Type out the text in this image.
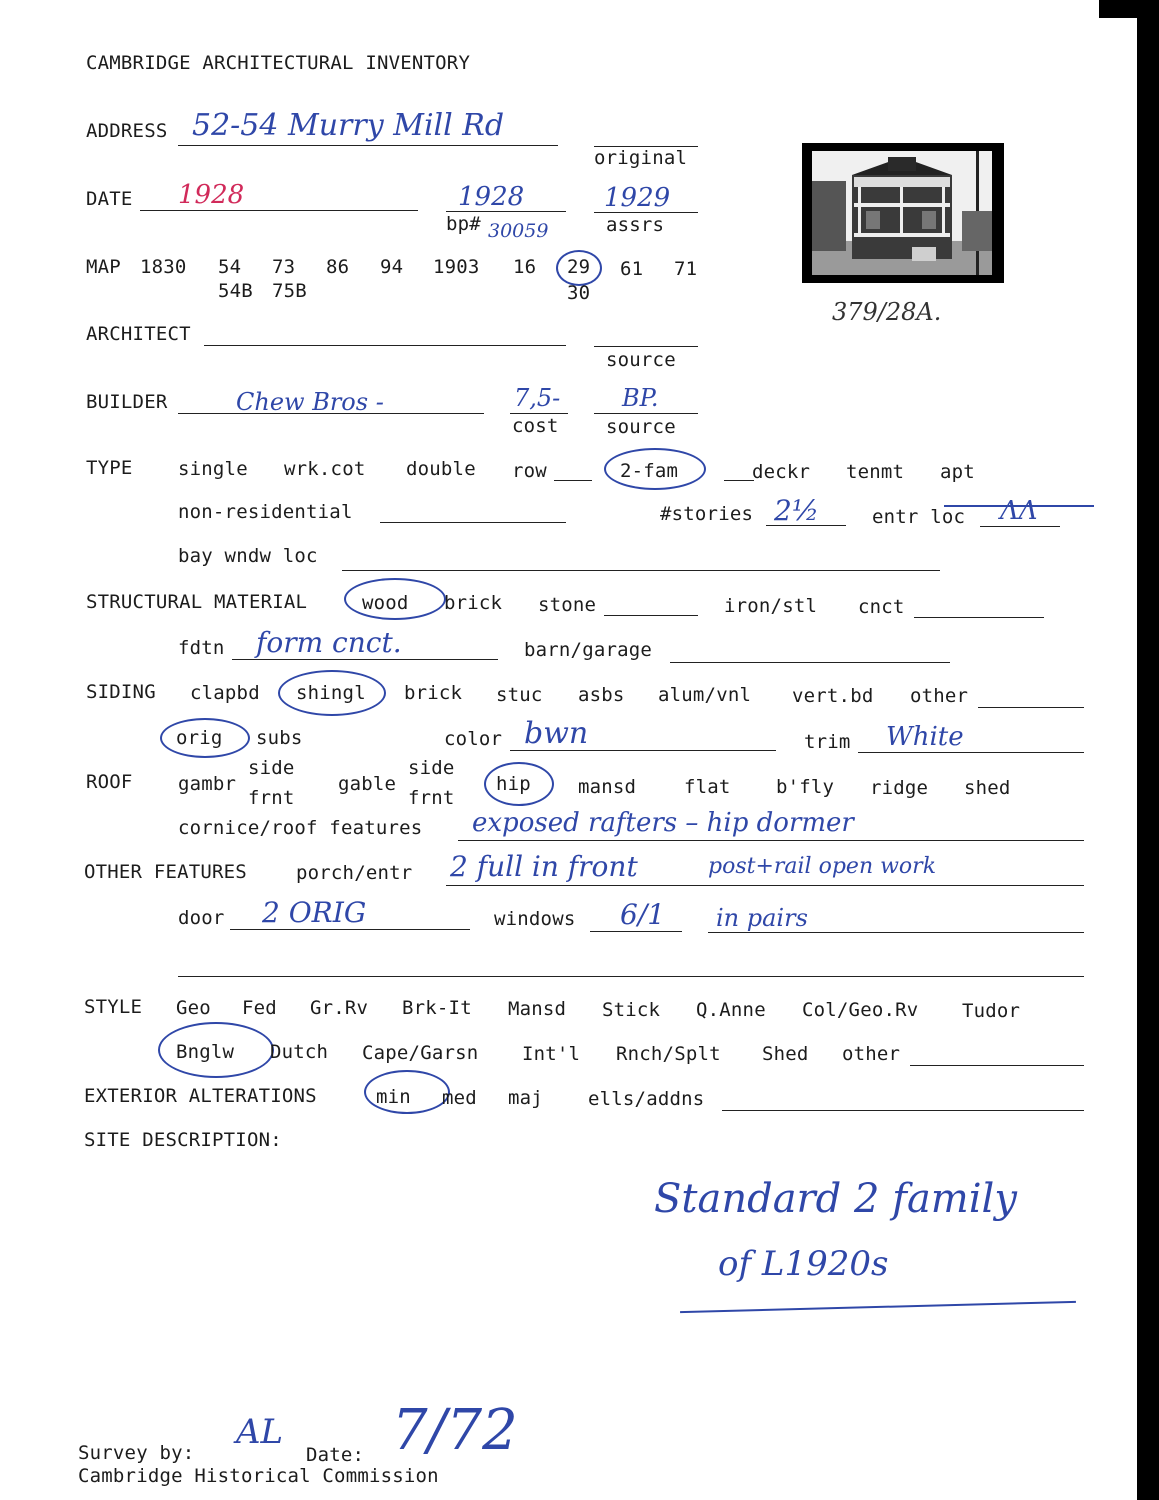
CAMBRIDGE ARCHITECTURAL INVENTORY
ADDRESS 52-54 Murry Mill Rd
original
DATE 1928	1928
bp# 30059
1929
assrs
MAP 1830 54 73 86 94 1903 16 29 61 71
54B 75B	30
379/28A.
ARCHITECT
source
BUILDER	Chew Bros -	7,5-
cost
BP.
source
TYPE single wrk.cot double row	2-fam	deckr tenmt apt
non-residential	#stories 2½	entr loc ΛΛ
bay wndw loc
STRUCTURAL MATERIAL	wood brick stone	iron/stl cnct
fdtn form cnct.	barn/garage
SIDING clapbd shingl brick stuc asbs alum/vnl vert.bd other
orig subs	color bwn	trim White
ROOF gambr
side
frnt
gable
side
frnt
hip mansd	flat b'fly ridge shed
cornice/roof features exposed rafters – hip dormer
OTHER FEATURES	porch/entr 2 full in front	post+rail open work
door 2 ORIG	windows 6/1 in pairs
STYLE Geo Fed Gr.Rv Brk-It Mansd Stick Q.Anne Col/Geo.Rv Tudor
Bnglw Dutch Cape/Garsn Int'l Rnch/Splt Shed other
EXTERIOR ALTERATIONS	min med maj ells/addns
SITE DESCRIPTION:
Standard 2 family
of L1920s
Survey by:
AL
Date: 7/72
Cambridge Historical Commission
